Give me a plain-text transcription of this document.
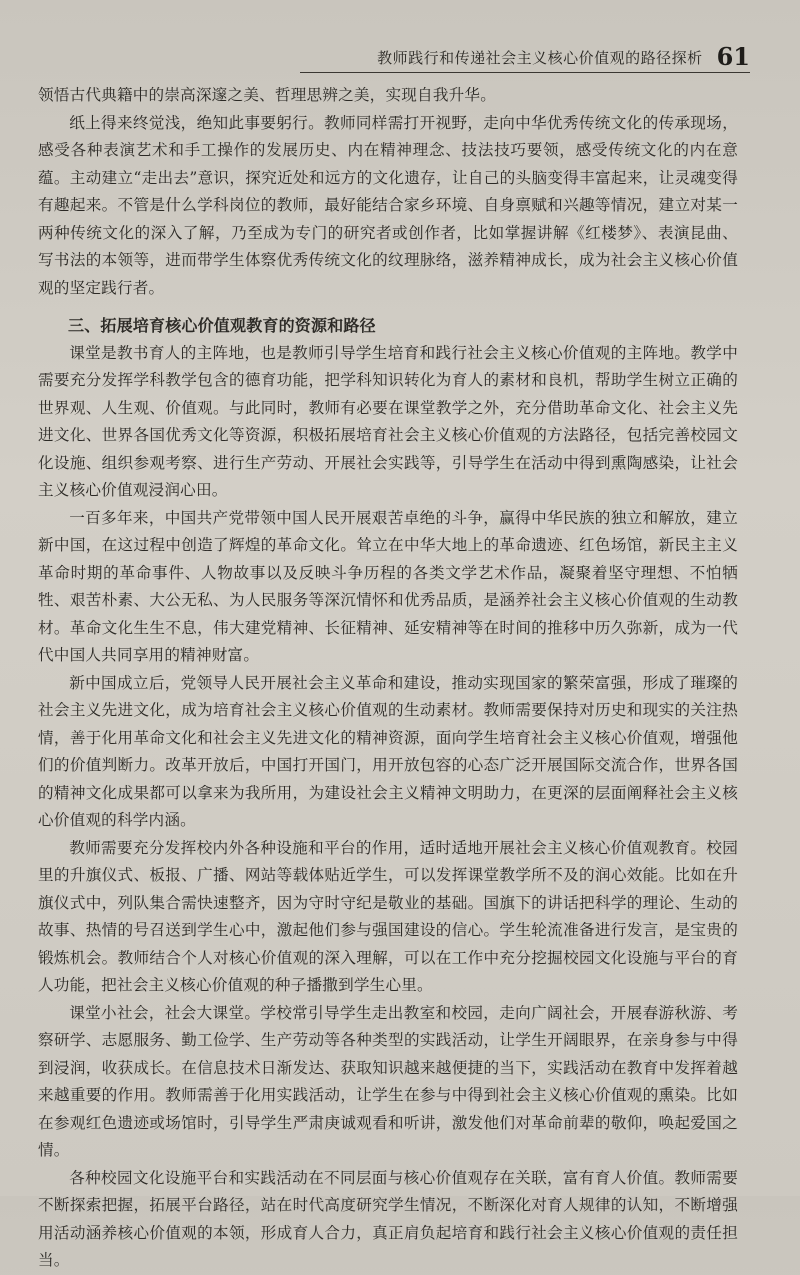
教师践行和传递社会主义核心价值观的路径探析 61

领悟古代典籍中的崇高深邃之美、哲理思辨之美，实现自我升华。

纸上得来终觉浅，绝知此事要躬行。教师同样需打开视野，走向中华优秀传统文化的传承现场，感受各种表演艺术和手工操作的发展历史、内在精神理念、技法技巧要领，感受传统文化的内在意蕴。主动建立“走出去”意识，探究近处和远方的文化遗存，让自己的头脑变得丰富起来，让灵魂变得有趣起来。不管是什么学科岗位的教师，最好能结合家乡环境、自身禀赋和兴趣等情况，建立对某一两种传统文化的深入了解，乃至成为专门的研究者或创作者，比如掌握讲解《红楼梦》、表演昆曲、写书法的本领等，进而带学生体察优秀传统文化的纹理脉络，滋养精神成长，成为社会主义核心价值观的坚定践行者。

三、拓展培育核心价值观教育的资源和路径

课堂是教书育人的主阵地，也是教师引导学生培育和践行社会主义核心价值观的主阵地。教学中需要充分发挥学科教学包含的德育功能，把学科知识转化为育人的素材和良机，帮助学生树立正确的世界观、人生观、价值观。与此同时，教师有必要在课堂教学之外，充分借助革命文化、社会主义先进文化、世界各国优秀文化等资源，积极拓展培育社会主义核心价值观的方法路径，包括完善校园文化设施、组织参观考察、进行生产劳动、开展社会实践等，引导学生在活动中得到熏陶感染，让社会主义核心价值观浸润心田。

一百多年来，中国共产党带领中国人民开展艰苦卓绝的斗争，赢得中华民族的独立和解放，建立新中国，在这过程中创造了辉煌的革命文化。耸立在中华大地上的革命遗迹、红色场馆，新民主主义革命时期的革命事件、人物故事以及反映斗争历程的各类文学艺术作品，凝聚着坚守理想、不怕牺牲、艰苦朴素、大公无私、为人民服务等深沉情怀和优秀品质，是涵养社会主义核心价值观的生动教材。革命文化生生不息，伟大建党精神、长征精神、延安精神等在时间的推移中历久弥新，成为一代代中国人共同享用的精神财富。

新中国成立后，党领导人民开展社会主义革命和建设，推动实现国家的繁荣富强，形成了璀璨的社会主义先进文化，成为培育社会主义核心价值观的生动素材。教师需要保持对历史和现实的关注热情，善于化用革命文化和社会主义先进文化的精神资源，面向学生培育社会主义核心价值观，增强他们的价值判断力。改革开放后，中国打开国门，用开放包容的心态广泛开展国际交流合作，世界各国的精神文化成果都可以拿来为我所用，为建设社会主义精神文明助力，在更深的层面阐释社会主义核心价值观的科学内涵。

教师需要充分发挥校内外各种设施和平台的作用，适时适地开展社会主义核心价值观教育。校园里的升旗仪式、板报、广播、网站等载体贴近学生，可以发挥课堂教学所不及的润心效能。比如在升旗仪式中，列队集合需快速整齐，因为守时守纪是敬业的基础。国旗下的讲话把科学的理论、生动的故事、热情的号召送到学生心中，激起他们参与强国建设的信心。学生轮流准备进行发言，是宝贵的锻炼机会。教师结合个人对核心价值观的深入理解，可以在工作中充分挖掘校园文化设施与平台的育人功能，把社会主义核心价值观的种子播撒到学生心里。

课堂小社会，社会大课堂。学校常引导学生走出教室和校园，走向广阔社会，开展春游秋游、考察研学、志愿服务、勤工俭学、生产劳动等各种类型的实践活动，让学生开阔眼界，在亲身参与中得到浸润，收获成长。在信息技术日渐发达、获取知识越来越便捷的当下，实践活动在教育中发挥着越来越重要的作用。教师需善于化用实践活动，让学生在参与中得到社会主义核心价值观的熏染。比如在参观红色遗迹或场馆时，引导学生严肃庚诚观看和听讲，激发他们对革命前辈的敬仰，唤起爱国之情。

各种校园文化设施平台和实践活动在不同层面与核心价值观存在关联，富有育人价值。教师需要不断探索把握，拓展平台路径，站在时代高度研究学生情况，不断深化对育人规律的认知，不断增强用活动涵养核心价值观的本领，形成育人合力，真正肩负起培育和践行社会主义核心价值观的责任担当。
